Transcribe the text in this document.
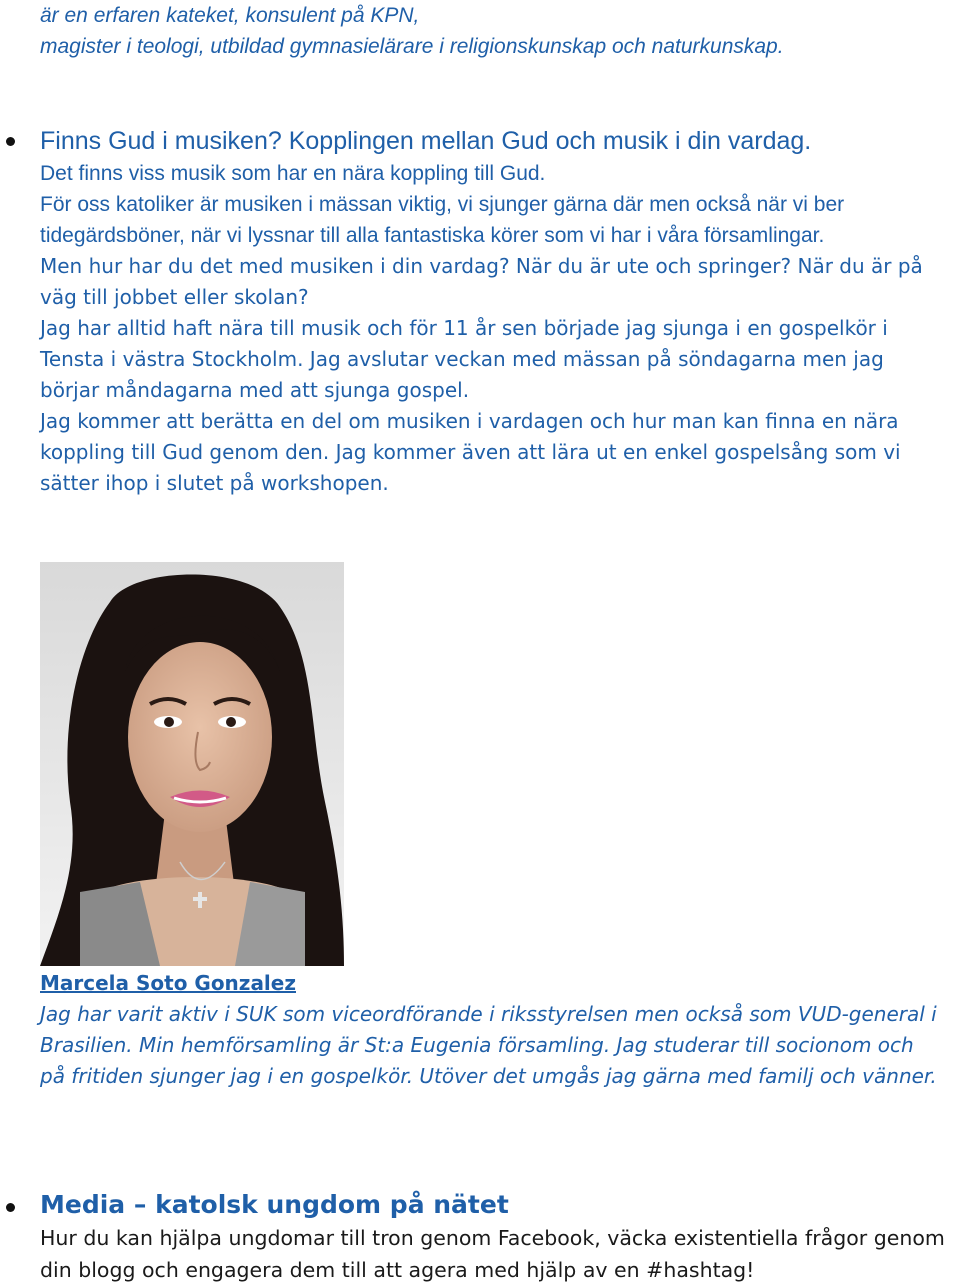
är en erfaren kateket, konsulent på KPN,
magister i teologi, utbildad gymnasielärare i religionskunskap och naturkunskap.
Finns Gud i musiken? Kopplingen mellan Gud och musik i din vardag.
Det finns viss musik som har en nära koppling till Gud.
För oss katoliker är musiken i mässan viktig, vi sjunger gärna där men också när vi ber
tidegärdsböner, när vi lyssnar till alla fantastiska körer som vi har i våra församlingar.
Men hur har du det med musiken i din vardag? När du är ute och springer? När du är på
väg till jobbet eller skolan?
Jag har alltid haft nära till musik och för 11 år sen började jag sjunga i en gospelkör i
Tensta i västra Stockholm. Jag avslutar veckan med mässan på söndagarna men jag
börjar måndagarna med att sjunga gospel.
Jag kommer att berätta en del om musiken i vardagen och hur man kan finna en nära
koppling till Gud genom den. Jag kommer även att lära ut en enkel gospelsång som vi
sätter ihop i slutet på workshopen.
Marcela Soto Gonzalez
Jag har varit aktiv i SUK som viceordförande i riksstyrelsen men också som VUD-general i
Brasilien. Min hemförsamling är St:a Eugenia församling. Jag studerar till socionom och
på fritiden sjunger jag i en gospelkör. Utöver det umgås jag gärna med familj och vänner.
Media – katolsk ungdom på nätet
Hur du kan hjälpa ungdomar till tron genom Facebook, väcka existentiella frågor genom
din blogg och engagera dem till att agera med hjälp av en #hashtag!
